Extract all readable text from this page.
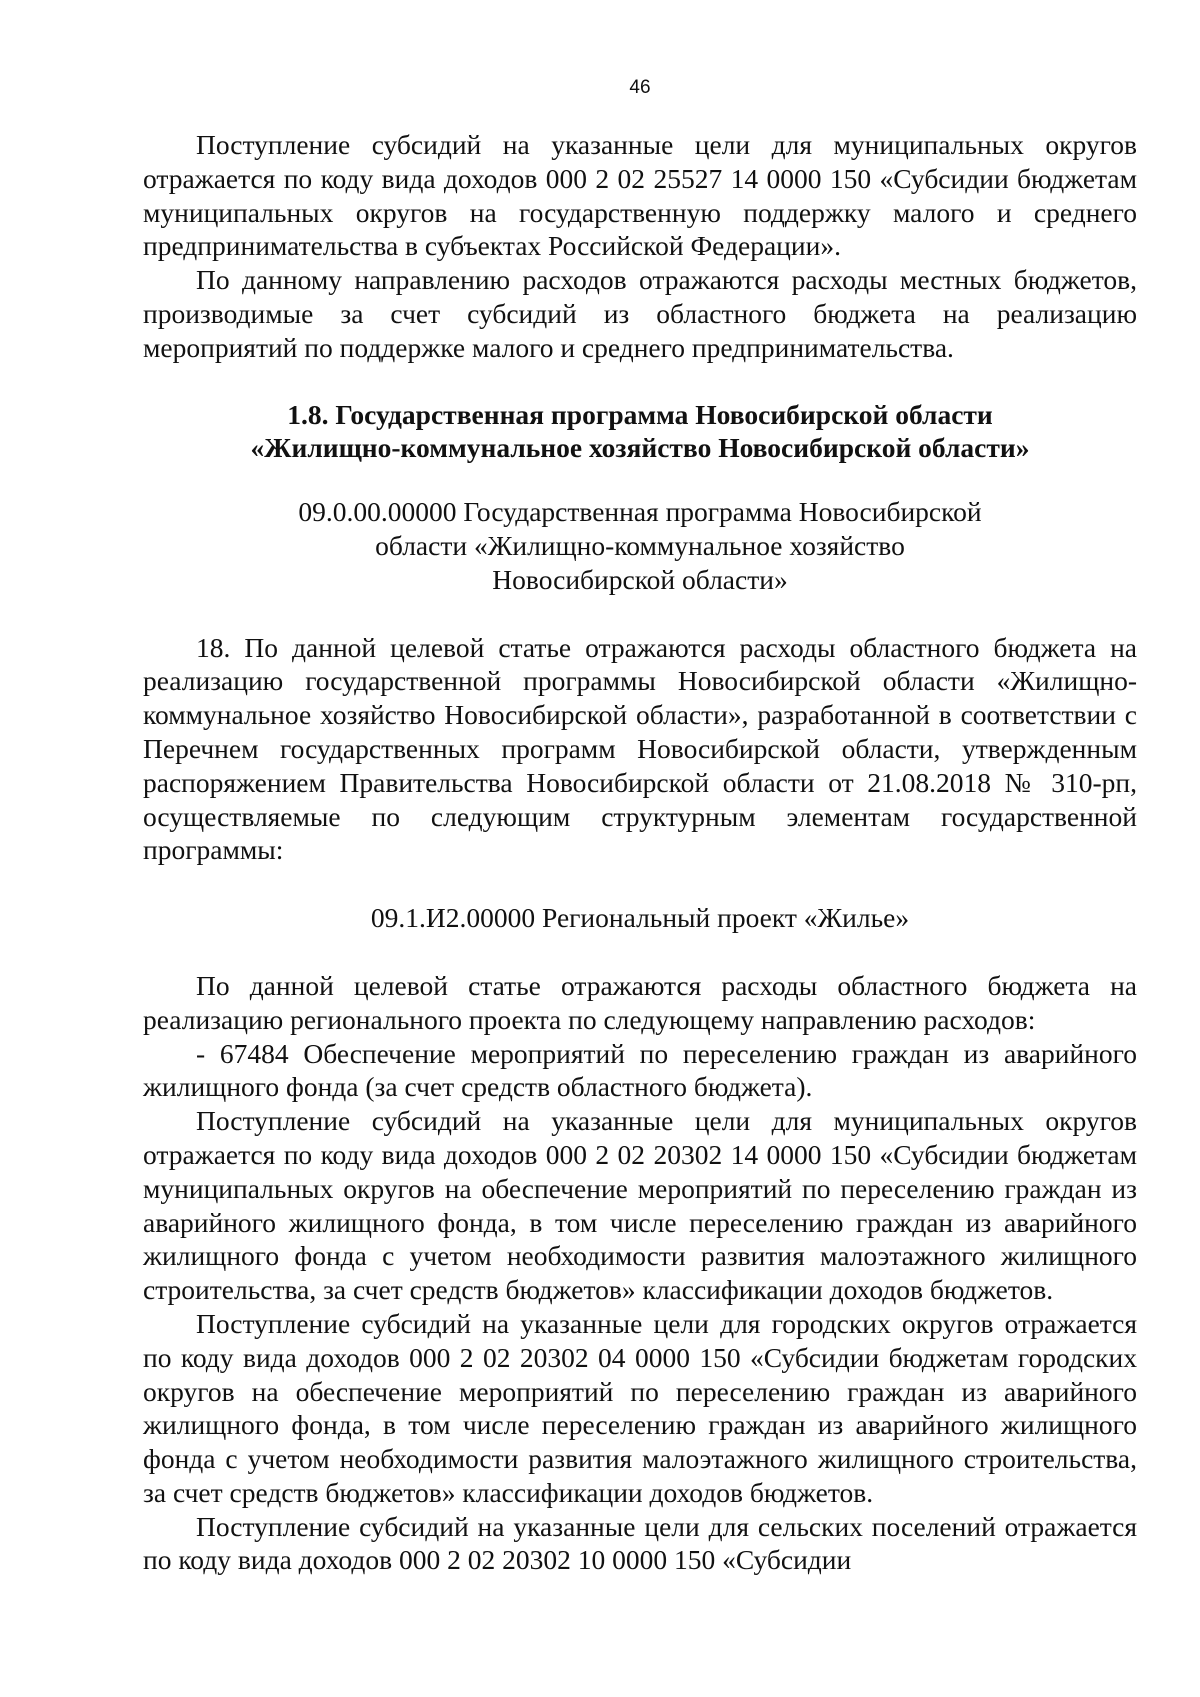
46

Поступление субсидий на указанные цели для муниципальных округов отражается по коду вида доходов 000 2 02 25527 14 0000 150 «Субсидии бюджетам муниципальных округов на государственную поддержку малого и среднего предпринимательства в субъектах Российской Федерации».

По данному направлению расходов отражаются расходы местных бюджетов, производимые за счет субсидий из областного бюджета на реализацию мероприятий по поддержке малого и среднего предпринимательства.

1.8. Государственная программа Новосибирской области
«Жилищно-коммунальное хозяйство Новосибирской области»

09.0.00.00000 Государственная программа Новосибирской
области «Жилищно-коммунальное хозяйство
Новосибирской области»

18. По данной целевой статье отражаются расходы областного бюджета на реализацию государственной программы Новосибирской области «Жилищно-коммунальное хозяйство Новосибирской области», разработанной в соответствии с Перечнем государственных программ Новосибирской области, утвержденным распоряжением Правительства Новосибирской области от 21.08.2018 № 310-рп, осуществляемые по следующим структурным элементам государственной программы:

09.1.И2.00000 Региональный проект «Жилье»

По данной целевой статье отражаются расходы областного бюджета на реализацию регионального проекта по следующему направлению расходов:

- 67484 Обеспечение мероприятий по переселению граждан из аварийного жилищного фонда (за счет средств областного бюджета).

Поступление субсидий на указанные цели для муниципальных округов отражается по коду вида доходов 000 2 02 20302 14 0000 150 «Субсидии бюджетам муниципальных округов на обеспечение мероприятий по переселению граждан из аварийного жилищного фонда, в том числе переселению граждан из аварийного жилищного фонда с учетом необходимости развития малоэтажного жилищного строительства, за счет средств бюджетов» классификации доходов бюджетов.

Поступление субсидий на указанные цели для городских округов отражается по коду вида доходов 000 2 02 20302 04 0000 150 «Субсидии бюджетам городских округов на обеспечение мероприятий по переселению граждан из аварийного жилищного фонда, в том числе переселению граждан из аварийного жилищного фонда с учетом необходимости развития малоэтажного жилищного строительства, за счет средств бюджетов» классификации доходов бюджетов.

Поступление субсидий на указанные цели для сельских поселений отражается по коду вида доходов 000 2 02 20302 10 0000 150 «Субсидии
